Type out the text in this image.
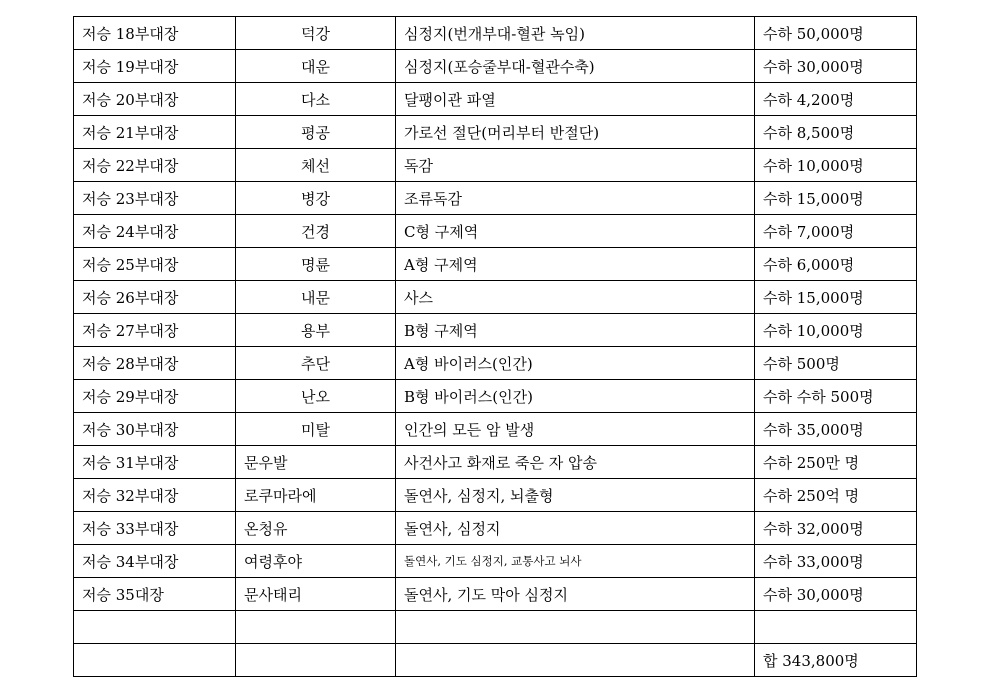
저승 18부대장	덕강	심정지(번개부대-혈관 녹임)	수하 50,000명
저승 19부대장	대운	심정지(포승줄부대-혈관수축)	수하 30,000명
저승 20부대장	다소	달팽이관 파열	수하 4,200명
저승 21부대장	평공	가로선 절단(머리부터 반절단)	수하 8,500명
저승 22부대장	체선	독감	수하 10,000명
저승 23부대장	병강	조류독감	수하 15,000명
저승 24부대장	건경	C형 구제역	수하 7,000명
저승 25부대장	명륜	A형 구제역	수하 6,000명
저승 26부대장	내문	사스	수하 15,000명
저승 27부대장	용부	B형 구제역	수하 10,000명
저승 28부대장	추단	A형 바이러스(인간)	수하 500명
저승 29부대장	난오	B형 바이러스(인간)	수하 수하 500명
저승 30부대장	미탈	인간의 모든 암 발생	수하 35,000명
저승 31부대장	문우발	사건사고 화재로 죽은 자 압송	수하 250만 명
저승 32부대장	로쿠마라에	돌연사, 심정지, 뇌출형	수하 250억 명
저승 33부대장	온청유	돌연사, 심정지	수하 32,000명
저승 34부대장	여령후야	돌연사, 기도 심정지, 교통사고 뇌사	수하 33,000명
저승 35대장	문사태리	돌연사, 기도 막아 심정지	수하 30,000명

			합 343,800명
